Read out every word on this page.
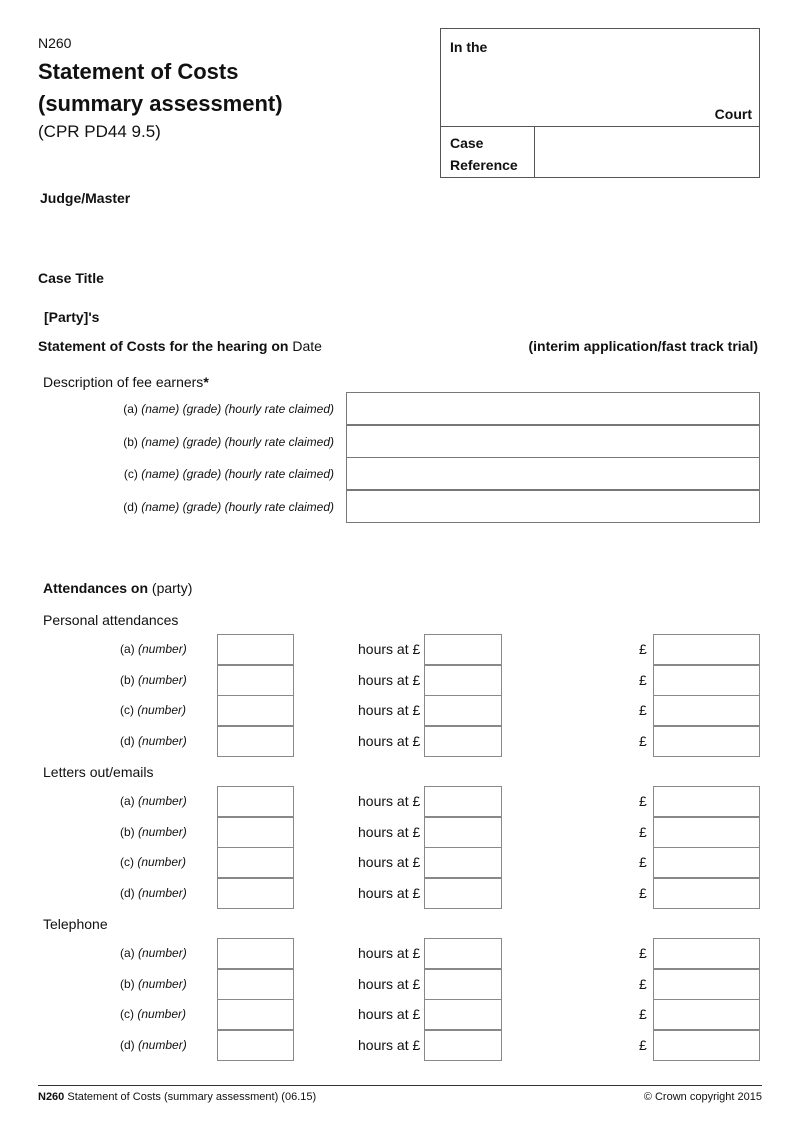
N260
Statement of Costs
(summary assessment)
(CPR PD44 9.5)
In the
Court
Case
Reference
Judge/Master
Case Title
[Party]'s
Statement of Costs for the hearing on Date	(interim application/fast track trial)
Description of fee earners*
(a) (name) (grade) (hourly rate claimed)
(b) (name) (grade) (hourly rate claimed)
(c) (name) (grade) (hourly rate claimed)
(d) (name) (grade) (hourly rate claimed)
Attendances on (party)
Personal attendances
(a) (number)	hours at £	£
(b) (number)	hours at £	£
(c) (number)	hours at £	£
(d) (number)	hours at £	£
Letters out/emails
(a) (number)	hours at £	£
(b) (number)	hours at £	£
(c) (number)	hours at £	£
(d) (number)	hours at £	£
Telephone
(a) (number)	hours at £	£
(b) (number)	hours at £	£
(c) (number)	hours at £	£
(d) (number)	hours at £	£
N260 Statement of Costs (summary assessment) (06.15)	© Crown copyright 2015
